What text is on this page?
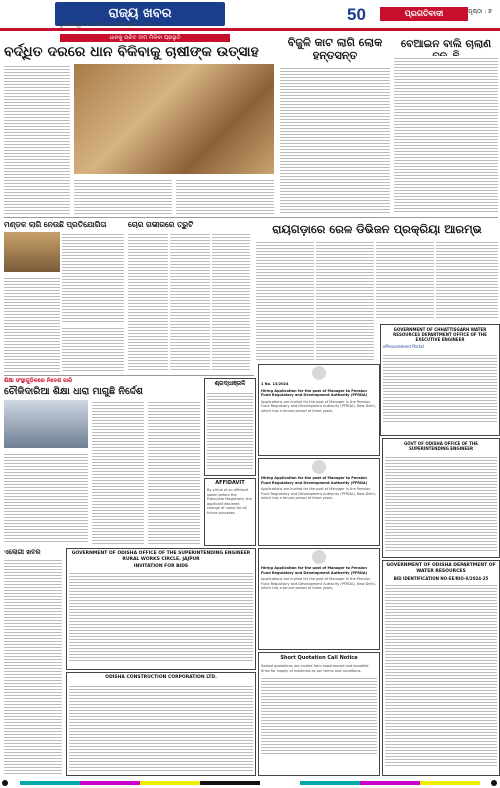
ରାଜ୍ୟ ଖବର
ଭୁବନେଶ୍ୱର • ସୋମବାର • ଡିସେମ୍ବର ୯, ୨୦୨୪
50	ପ୍ରଗତିବାଦୀ	ପୃଷ୍ଠା : ୭
ଧାନକୁ ଉଚିତ ଦାମ ମିଳିବା ପ୍ରଭୃତି
ବର୍ଦ୍ଧିତ ଦରରେ ଧାନ ବିକିବାକୁ ଚାଷୀଙ୍କ ଉତ୍ସାହ
ବିଜୁଳି କାଟ ଲାଗି ଲୋକ ହନ୍ତସନ୍ତ
ବେଆଇନ ବାଲି ଚାଲାଣ
ମଣ୍ଡଳ ଲାଗି ନେଉଛି ପ୍ରତିଯୋଗିତା	ଚୋର ଗଭୀରରେ ତ୍ରୁଟି	ରାୟଗଡ଼ାରେ ରେଳ ଡିଭିଜନ ପ୍ରକ୍ରିୟା ଆରମ୍ଭ
GOVERNMENT OF CHHATTISGARH WATER RESOURCES DEPARTMENT OFFICE OF THE EXECUTIVE ENGINEER
eProcurement Portal
ଶିକ୍ଷା ସଂସ୍ଥାଗୁଡ଼ିକରେ ନିଦେଶ ଜାରି
ଚୌକିଦାରିଆ ଶିକ୍ଷା ଧାରା ମାଗୁଛି ନିର୍ଦ୍ଦେଶ
ଶ୍ରଦ୍ଧାଞ୍ଜଳି
AFFIDAVIT
By virtue of an affidavit sworn before the Executive Magistrate, the applicant declared change of name for all future purposes.
1 No. 13/2024
Hiring Application for the post of Manager to Pension Fund Regulatory and Development Authority (PFRDA)
Applications are invited for the post of Manager in the Pension Fund Regulatory and Development Authority (PFRDA), New Delhi, which has a tenure period of three years.
Hiring Application for the post of Manager to Pension Fund Regulatory and Development Authority (PFRDA)
Applications are invited for the post of Manager in the Pension Fund Regulatory and Development Authority (PFRDA), New Delhi, which has a tenure period of three years.
GOVT OF ODISHA OFFICE OF THE SUPERINTENDING ENGINEER
ଏଲୋଗୀ ଖବର	GOVERNMENT OF ODISHA OFFICE OF THE SUPERINTENDING ENGINEER RURAL WORKS CIRCLE, JAJPUR
INVITATION FOR BIDS
ODISHA CONSTRUCTION CORPORATION LTD.
Hiring Application for the post of Manager to Pension Fund Regulatory and Development Authority (PFRDA)
Applications are invited for the post of Manager in the Pension Fund Regulatory and Development Authority (PFRDA), New Delhi, which has a tenure period of three years.
Short Quotation Call Notice
Sealed quotations are invited from experienced and bonafide firms for supply of materials as per terms and conditions.
GOVERNMENT OF ODISHA DEPARTMENT OF WATER RESOURCES
BID IDENTIFICATION NO-EE/RIO-II/2024-25
